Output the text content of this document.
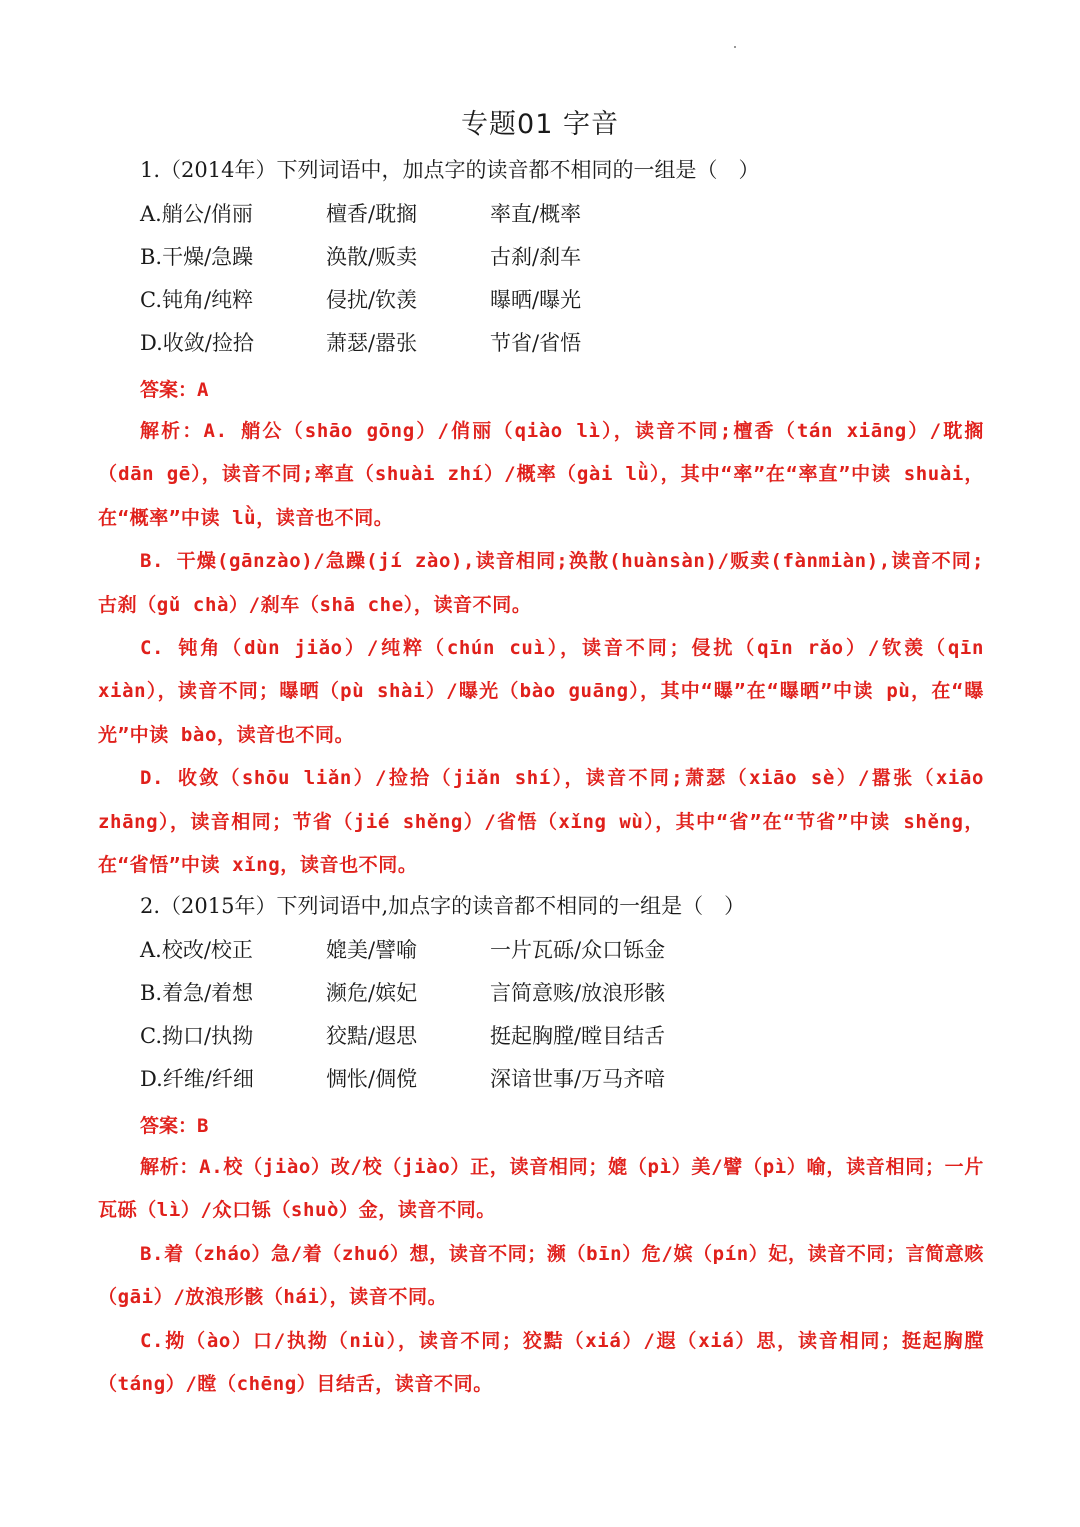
专题01 字音
1.（2014年）下列词语中，加点字的读音都不相同的一组是（　）
A.艄公/俏丽	檀香/耽搁	率直/概率
B.干燥/急躁	涣散/贩卖	古刹/刹车
C.钝角/纯粹	侵扰/钦羡	曝晒/曝光
D.收敛/捡拾	萧瑟/嚣张	节省/省悟
答案：A
解析：A. 艄公（shāo gōng）/俏丽（qiào lì），读音不同;檀香（tán xiāng）/耽搁（dān gē），读音不同;率直（shuài zhí）/概率（gài lǜ），其中“率”在“率直”中读 shuài，在“概率”中读 lǜ，读音也不同。
B. 干燥(gānzào)/急躁(jí zào),读音相同;涣散(huànsàn)/贩卖(fànmiàn),读音不同;古刹（gǔ chà）/刹车（shā che），读音不同。
C. 钝角（dùn jiǎo）/纯粹（chún cuì），读音不同；侵扰（qīn rǎo）/钦羡（qīn xiàn），读音不同；曝晒（pù shài）/曝光（bào guāng），其中“曝”在“曝晒”中读 pù，在“曝光”中读 bào，读音也不同。
D. 收敛（shōu liǎn）/捡拾（jiǎn shí），读音不同;萧瑟（xiāo sè）/嚣张（xiāo zhāng），读音相同；节省（jié shěng）/省悟（xǐng wù），其中“省”在“节省”中读 shěng，在“省悟”中读 xǐng，读音也不同。
2.（2015年）下列词语中,加点字的读音都不相同的一组是（　）
A.校改/校正	媲美/譬喻	一片瓦砾/众口铄金
B.着急/着想	濒危/嫔妃	言简意赅/放浪形骸
C.拗口/执拗	狡黠/遐思	挺起胸膛/瞠目结舌
D.纤维/纤细	惆怅/倜傥	深谙世事/万马齐喑
答案：B
解析：A.校（jiào）改/校（jiào）正，读音相同；媲（pì）美/譬（pì）喻，读音相同；一片瓦砾（lì）/众口铄（shuò）金，读音不同。
B.着（zháo）急/着（zhuó）想，读音不同；濒（bīn）危/嫔（pín）妃，读音不同；言简意赅（gāi）/放浪形骸（hái），读音不同。
C.拗（ào）口/执拗（niù），读音不同；狡黠（xiá）/遐（xiá）思，读音相同；挺起胸膛（táng）/瞠（chēng）目结舌，读音不同。
